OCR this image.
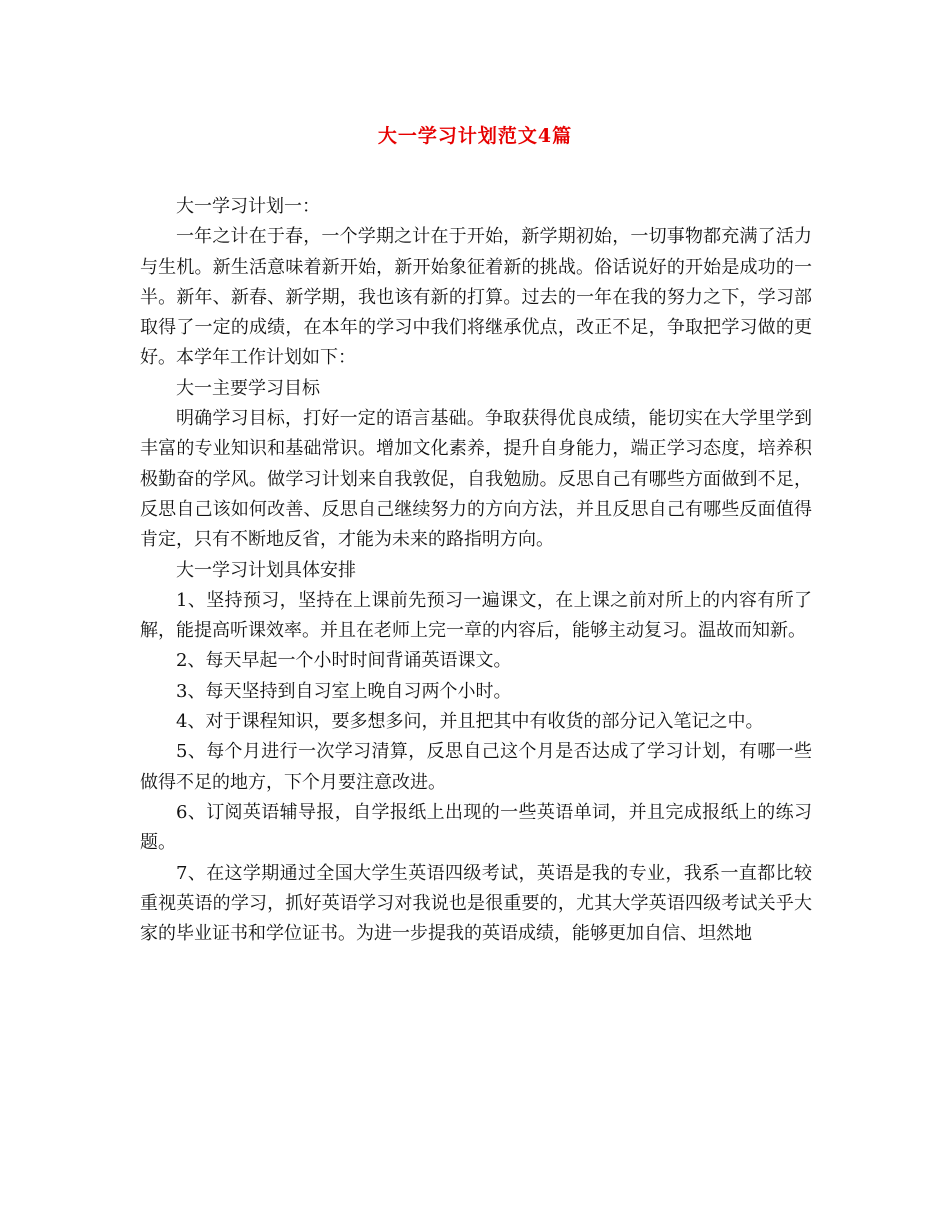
大一学习计划范文4篇

大一学习计划一：

一年之计在于春，一个学期之计在于开始，新学期初始，一切事物都充满了活力与生机。新生活意味着新开始，新开始象征着新的挑战。俗话说好的开始是成功的一半。新年、新春、新学期，我也该有新的打算。过去的一年在我的努力之下，学习部取得了一定的成绩，在本年的学习中我们将继承优点，改正不足，争取把学习做的更好。本学年工作计划如下：

大一主要学习目标

明确学习目标，打好一定的语言基础。争取获得优良成绩，能切实在大学里学到丰富的专业知识和基础常识。增加文化素养，提升自身能力，端正学习态度，培养积极勤奋的学风。做学习计划来自我敦促，自我勉励。反思自己有哪些方面做到不足，反思自己该如何改善、反思自己继续努力的方向方法，并且反思自己有哪些反面值得肯定，只有不断地反省，才能为未来的路指明方向。

大一学习计划具体安排

1、坚持预习，坚持在上课前先预习一遍课文，在上课之前对所上的内容有所了解，能提高听课效率。并且在老师上完一章的内容后，能够主动复习。温故而知新。

2、每天早起一个小时时间背诵英语课文。

3、每天坚持到自习室上晚自习两个小时。

4、对于课程知识，要多想多问，并且把其中有收货的部分记入笔记之中。

5、每个月进行一次学习清算，反思自己这个月是否达成了学习计划，有哪一些做得不足的地方，下个月要注意改进。

6、订阅英语辅导报，自学报纸上出现的一些英语单词，并且完成报纸上的练习题。

7、在这学期通过全国大学生英语四级考试，英语是我的专业，我系一直都比较重视英语的学习，抓好英语学习对我说也是很重要的，尤其大学英语四级考试关乎大家的毕业证书和学位证书。为进一步提我的英语成绩，能够更加自信、坦然地
